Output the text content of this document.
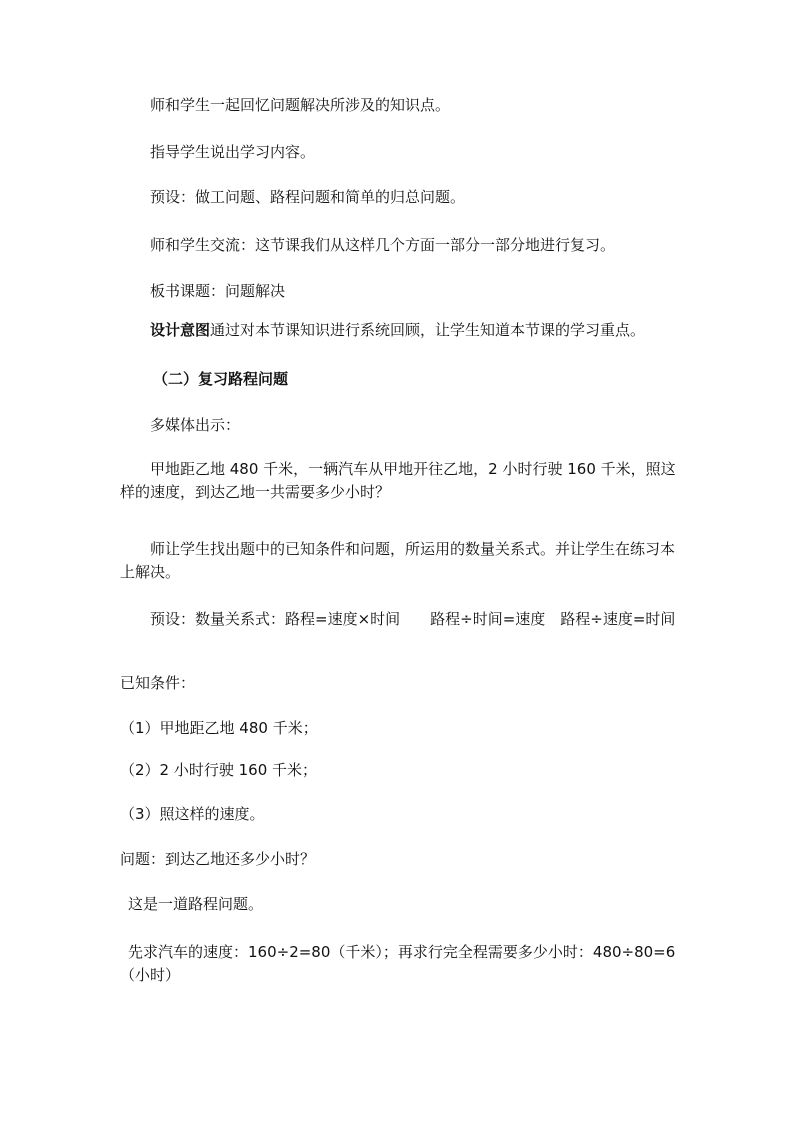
师和学生一起回忆问题解决所涉及的知识点。
指导学生说出学习内容。
预设：做工问题、路程问题和简单的归总问题。
师和学生交流：这节课我们从这样几个方面一部分一部分地进行复习。
板书课题：问题解决
设计意图通过对本节课知识进行系统回顾，让学生知道本节课的学习重点。
（二）复习路程问题
多媒体出示：
甲地距乙地 480 千米，一辆汽车从甲地开往乙地，2 小时行驶 160 千米，照这样的速度，到达乙地一共需要多少小时？
师让学生找出题中的已知条件和问题，所运用的数量关系式。并让学生在练习本上解决。
预设：数量关系式：路程=速度×时间　　路程÷时间=速度　路程÷速度=时间
已知条件：
（1）甲地距乙地 480 千米；
（2）2 小时行驶 160 千米；
（3）照这样的速度。
问题：到达乙地还多少小时？
这是一道路程问题。
先求汽车的速度：160÷2=80（千米）；再求行完全程需要多少小时：480÷80=6（小时）
